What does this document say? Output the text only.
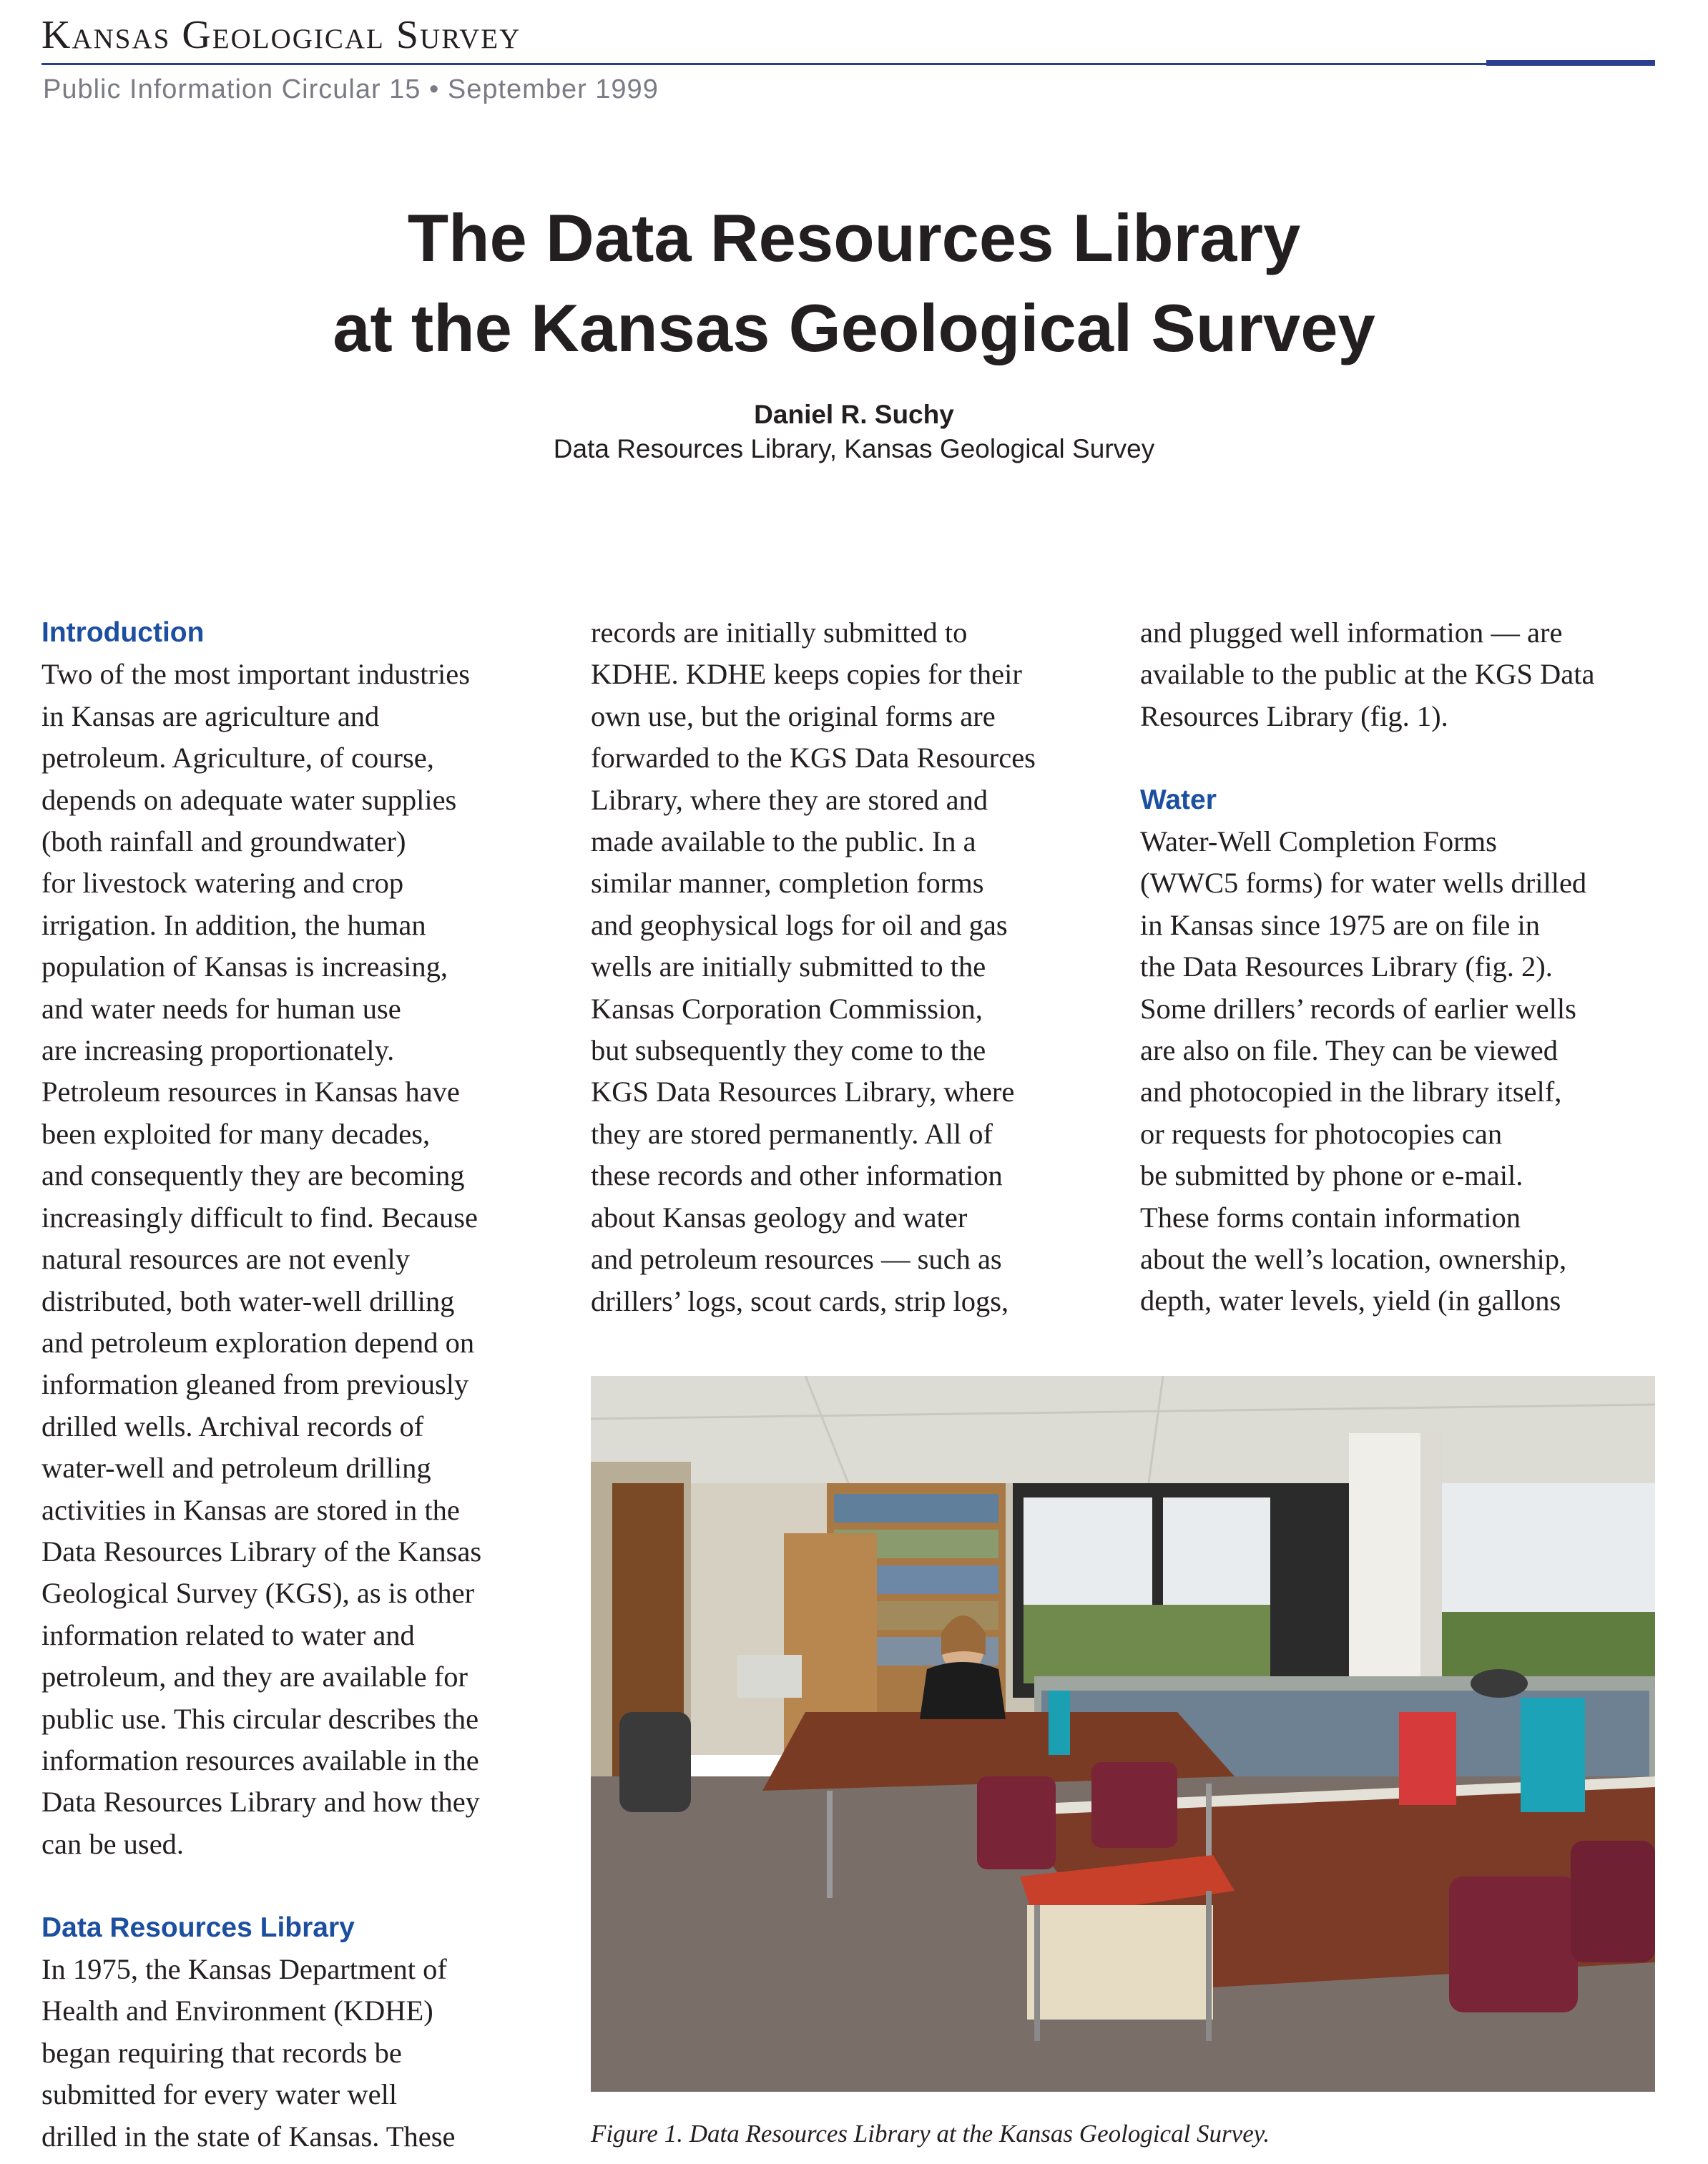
Kansas Geological Survey
Public Information Circular 15 • September 1999
The Data Resources Library
at the Kansas Geological Survey
Daniel R. Suchy
Data Resources Library, Kansas Geological Survey
Introduction

Two of the most important industries

in Kansas are agriculture and

petroleum. Agriculture, of course,

depends on adequate water supplies

(both rainfall and groundwater)

for livestock watering and crop

irrigation. In addition, the human

population of Kansas is increasing,

and water needs for human use

are increasing proportionately.

Petroleum resources in Kansas have

been exploited for many decades,

and consequently they are becoming

increasingly difficult to find. Because

natural resources are not evenly

distributed, both water-well drilling

and petroleum exploration depend on

information gleaned from previously

drilled wells. Archival records of

water-well and petroleum drilling

activities in Kansas are stored in the

Data Resources Library of the Kansas

Geological Survey (KGS), as is other

information related to water and

petroleum, and they are available for

public use. This circular describes the

information resources available in the

Data Resources Library and how they

can be used.

Data Resources Library

In 1975, the Kansas Department of

Health and Environment (KDHE)

began requiring that records be

submitted for every water well

drilled in the state of Kansas. These

records are initially submitted to

KDHE. KDHE keeps copies for their

own use, but the original forms are

forwarded to the KGS Data Resources

Library, where they are stored and

made available to the public. In a

similar manner, completion forms

and geophysical logs for oil and gas

wells are initially submitted to the

Kansas Corporation Commission,

but subsequently they come to the

KGS Data Resources Library, where

they are stored permanently. All of

these records and other information

about Kansas geology and water

and petroleum resources — such as

drillers’ logs, scout cards, strip logs,

and plugged well information — are

available to the public at the KGS Data

Resources Library (fig. 1).

Water

Water-Well Completion Forms

(WWC5 forms) for water wells drilled

in Kansas since 1975 are on file in

the Data Resources Library (fig. 2).

Some drillers’ records of earlier wells

are also on file. They can be viewed

and photocopied in the library itself,

or requests for photocopies can

be submitted by phone or e-mail.

These forms contain information

about the well’s location, ownership,

depth, water levels, yield (in gallons

Figure 1. Data Resources Library at the Kansas Geological Survey.
